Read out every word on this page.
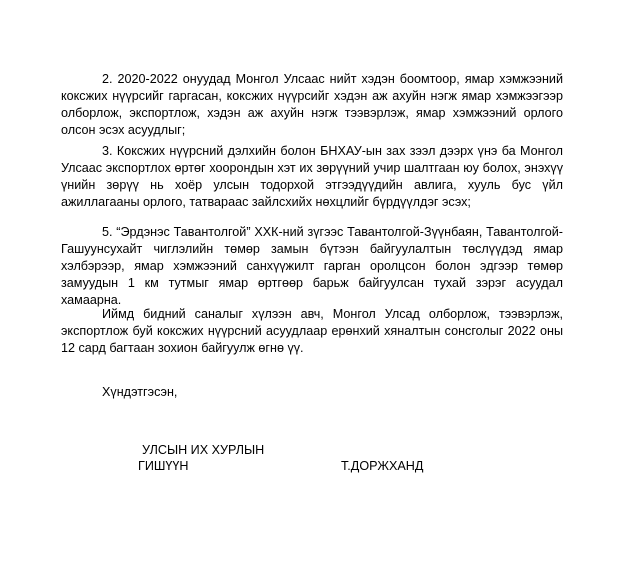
2. 2020-2022 онуудад Монгол Улсаас нийт хэдэн боомтоор, ямар хэмжээний коксжих нүүрсийг гаргасан, коксжих нүүрсийг хэдэн аж ахуйн нэгж ямар хэмжээгээр олборлож, экспортлож, хэдэн аж ахуйн нэгж тээвэрлэж, ямар хэмжээний орлого олсон эсэх асуудлыг;

3. Коксжих нүүрсний дэлхийн болон БНХАУ-ын зах зээл дээрх үнэ ба Монгол Улсаас экспортлох өртөг хоорондын хэт их зөрүүний учир шалтгаан юу болох, энэхүү үнийн зөрүү нь хоёр улсын тодорхой этгээдүүдийн авлига, хууль бус үйл ажиллагааны орлого, татвараас зайлсхийх нөхцлийг бүрдүүлдэг эсэх;

5. “Эрдэнэс Тавантолгой” ХХК-ний зүгээс Тавантолгой-Зүүнбаян, Тавантолгой-Гашуунсухайт чиглэлийн төмөр замын бүтээн байгуулалтын төслүүдэд ямар хэлбэрээр, ямар хэмжээний санхүүжилт гарган оролцсон болон эдгээр төмөр замуудын 1 км тутмыг ямар өртгөөр барьж байгуулсан тухай зэрэг асуудал хамаарна.

Иймд бидний саналыг хүлээн авч, Монгол Улсад олборлож, тээвэрлэж, экспортлож буй коксжих нүүрсний асуудлаар ерөнхий хяналтын сонсголыг 2022 оны 12 сард багтаан зохион байгуулж өгнө үү.

Хүндэтгэсэн,
УЛСЫН ИХ ХУРЛЫН
ГИШҮҮН	Т.ДОРЖХАНД
